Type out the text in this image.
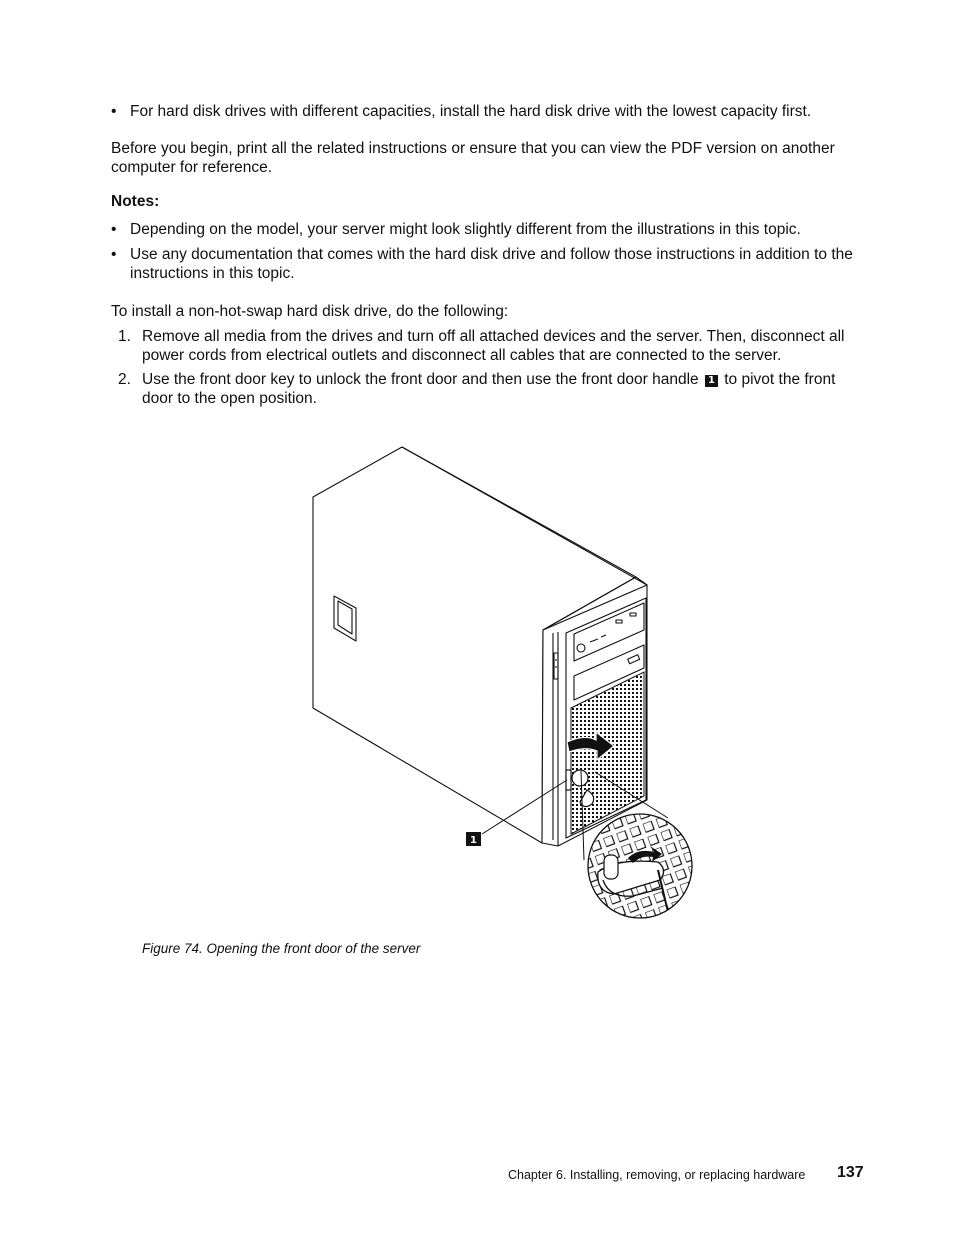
• For hard disk drives with different capacities, install the hard disk drive with the lowest capacity first.
Before you begin, print all the related instructions or ensure that you can view the PDF version on another computer for reference.
Notes:
• Depending on the model, your server might look slightly different from the illustrations in this topic.
• Use any documentation that comes with the hard disk drive and follow those instructions in addition to the instructions in this topic.
To install a non-hot-swap hard disk drive, do the following:
1. Remove all media from the drives and turn off all attached devices and the server. Then, disconnect all power cords from electrical outlets and disconnect all cables that are connected to the server.
2. Use the front door key to unlock the front door and then use the front door handle 1 to pivot the front door to the open position.
1
Figure 74. Opening the front door of the server
Chapter 6. Installing, removing, or replacing hardware 137
